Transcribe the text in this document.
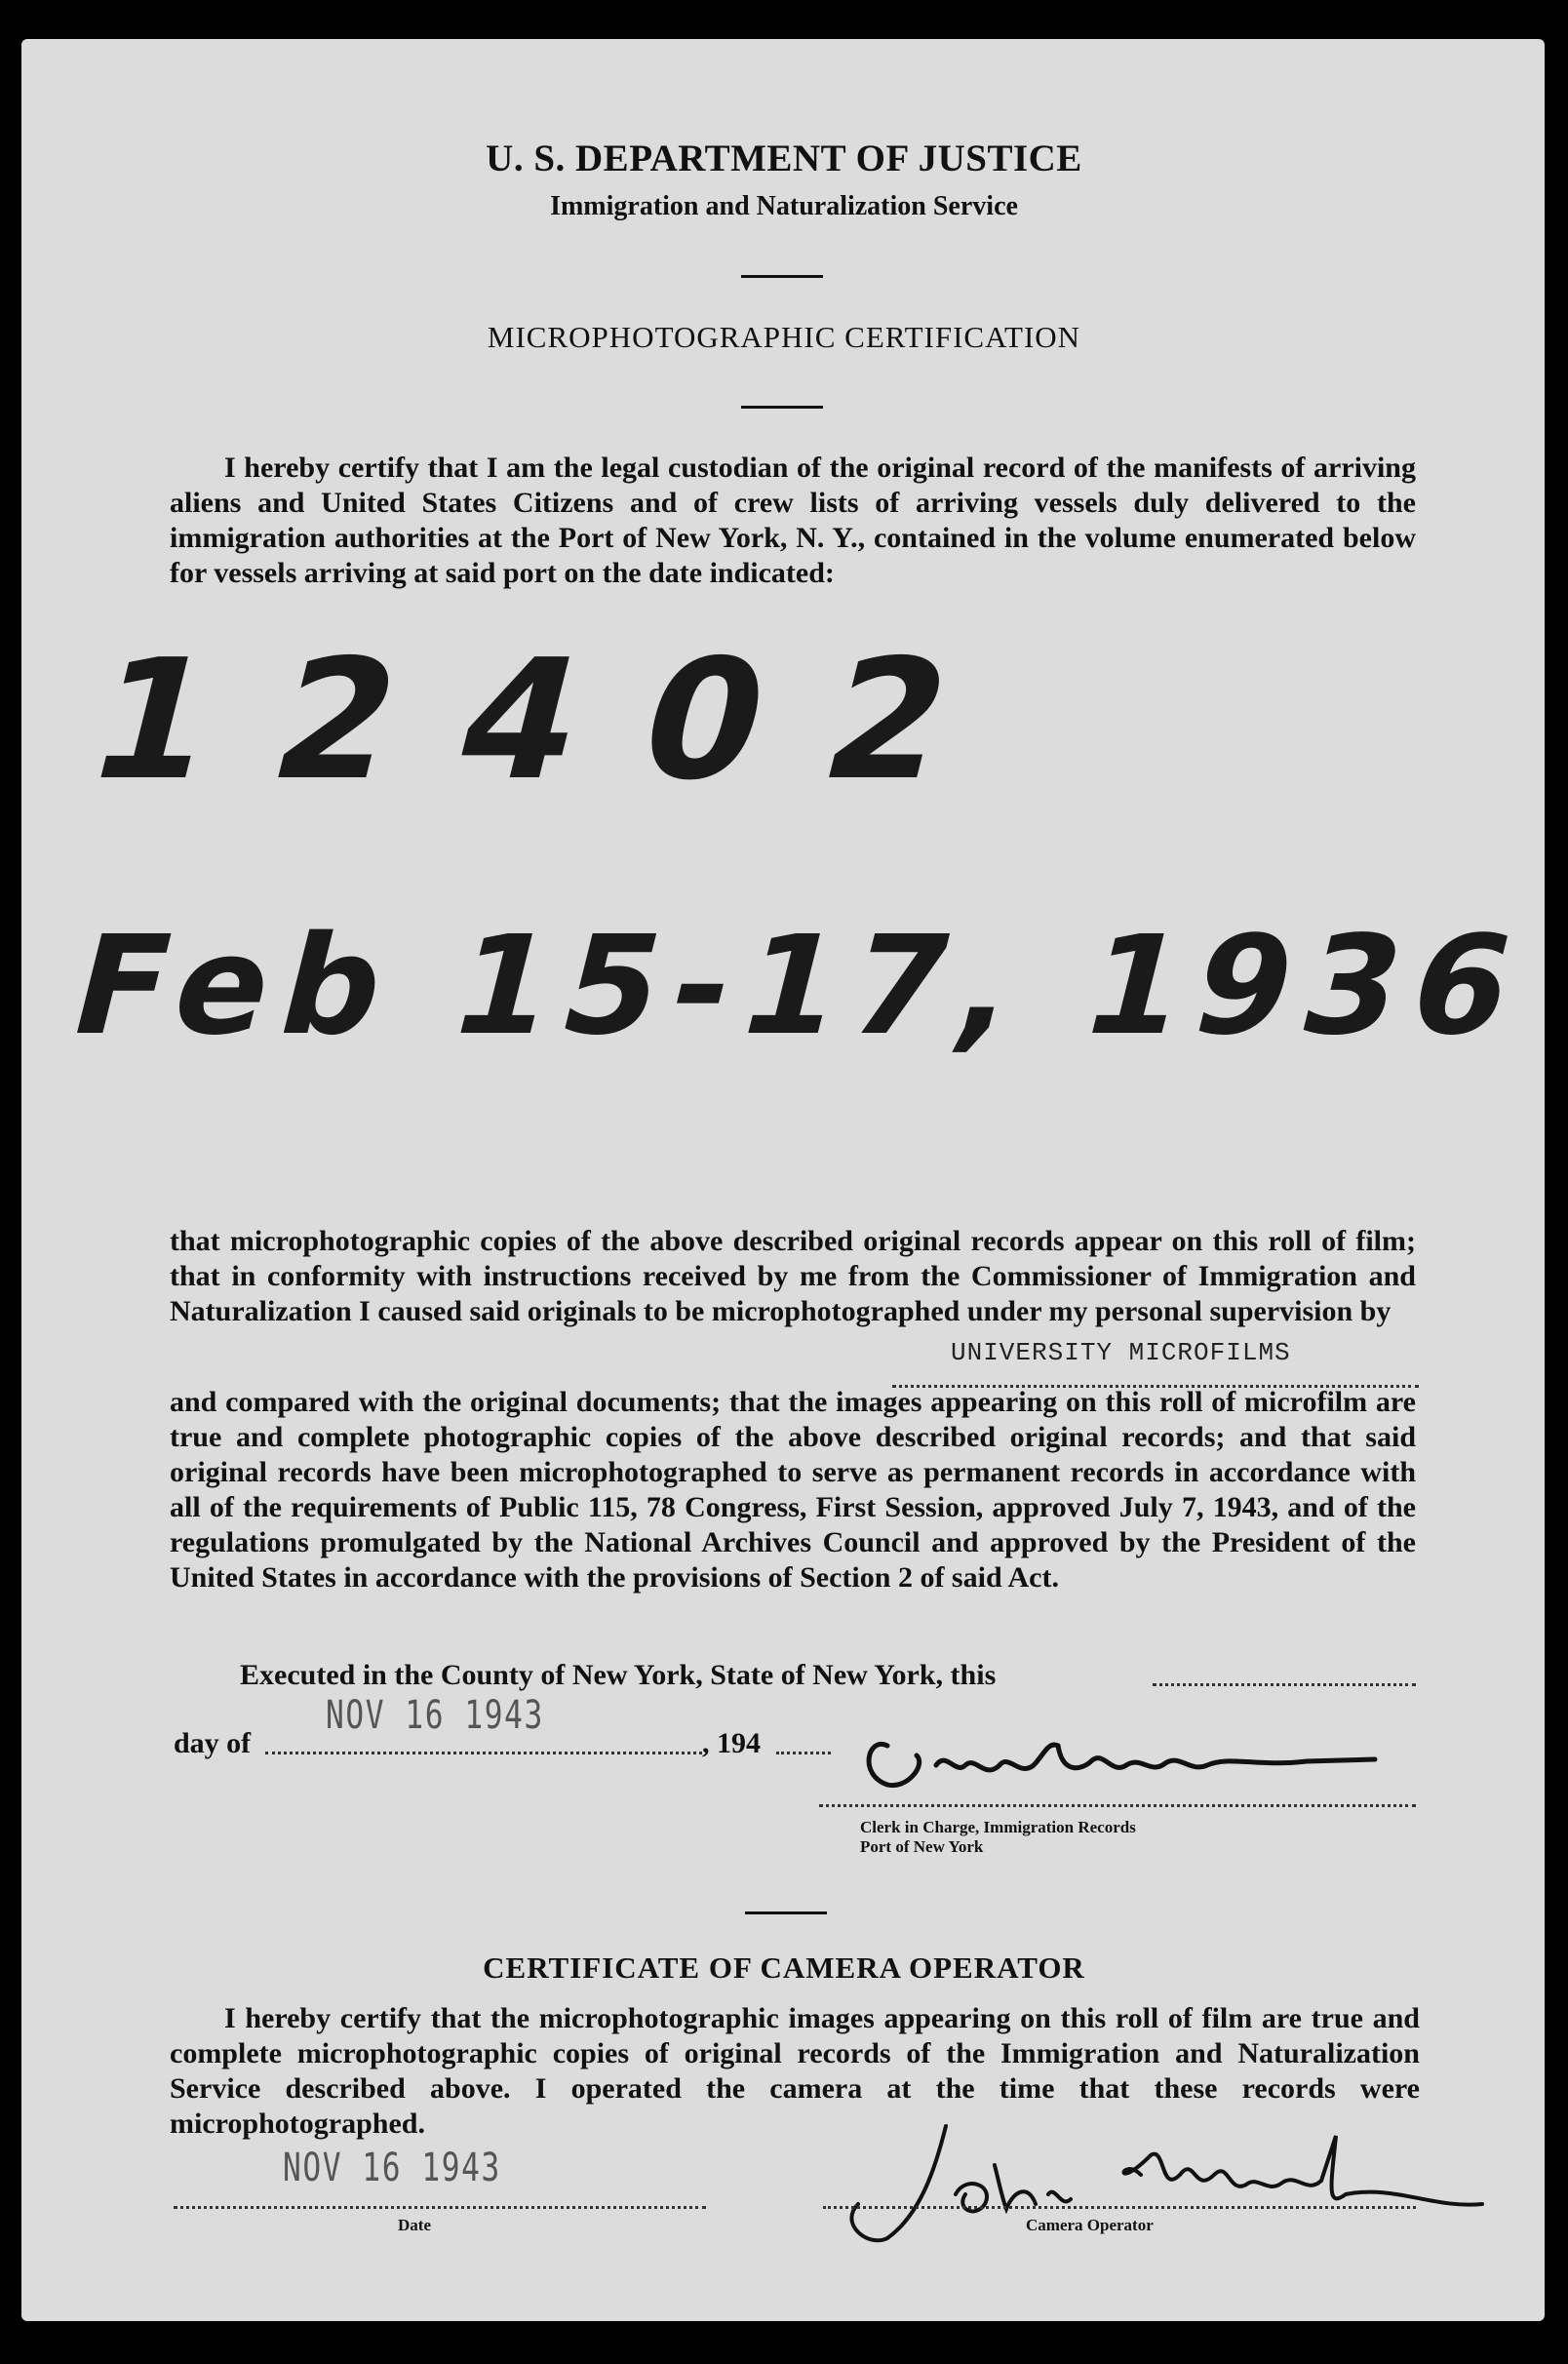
U. S. DEPARTMENT OF JUSTICE
Immigration and Naturalization Service
MICROPHOTOGRAPHIC CERTIFICATION
I hereby certify that I am the legal custodian of the original record of the manifests of arriving aliens and United States Citizens and of crew lists of arriving vessels duly delivered to the immigration authorities at the Port of New York, N. Y., contained in the volume enumerated below for vessels arriving at said port on the date indicated:
12402
Feb 15-17, 1936
that microphotographic copies of the above described original records appear on this roll of film; that in conformity with instructions received by me from the Commissioner of Immigration and Naturalization I caused said originals to be microphotographed under my personal supervision by
UNIVERSITY MICROFILMS
and compared with the original documents; that the images appearing on this roll of microfilm are true and complete photographic copies of the above described original records; and that said original records have been microphotographed to serve as permanent records in accordance with all of the requirements of Public 115, 78 Congress, First Session, approved July 7, 1943, and of the regulations promulgated by the National Archives Council and approved by the President of the United States in accordance with the provisions of Section 2 of said Act.
Executed in the County of New York, State of New York, this
day of
NOV 16 1943
, 194
Clerk in Charge, Immigration Records
Port of New York
CERTIFICATE OF CAMERA OPERATOR
I hereby certify that the microphotographic images appearing on this roll of film are true and complete microphotographic copies of original records of the Immigration and Naturalization Service described above. I operated the camera at the time that these records were microphotographed.
NOV 16 1943
Date	Camera Operator
